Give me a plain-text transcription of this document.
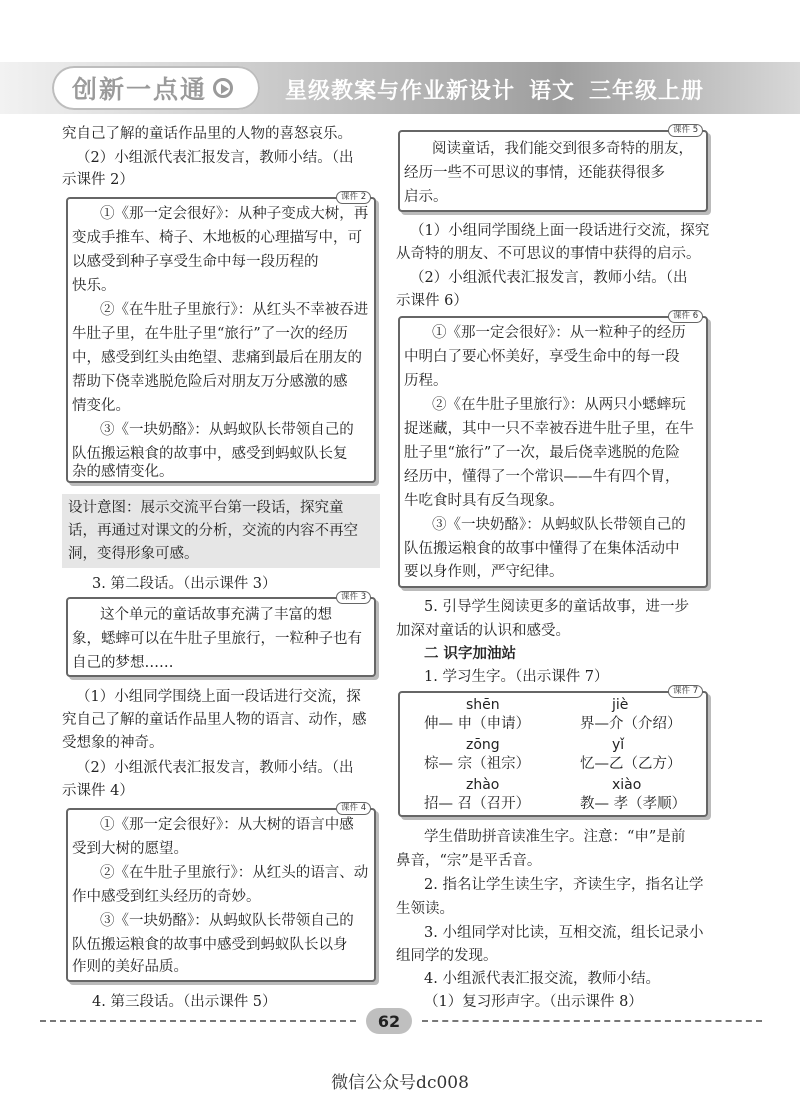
创新一点通	星级教案与作业新设计 语文 三年级上册
究自己了解的童话作品里的人物的喜怒哀乐。
（2）小组派代表汇报发言，教师小结。（出
示课件 2）
课件 2
①《那一定会很好》：从种子变成大树，再
变成手推车、椅子、木地板的心理描写中，可
以感受到种子享受生命中每一段历程的
快乐。
②《在牛肚子里旅行》：从红头不幸被吞进
牛肚子里，在牛肚子里“旅行”了一次的经历
中，感受到红头由绝望、悲痛到最后在朋友的
帮助下侥幸逃脱危险后对朋友万分感激的感
情变化。
③《一块奶酪》：从蚂蚁队长带领自己的
队伍搬运粮食的故事中，感受到蚂蚁队长复
杂的感情变化。
设计意图：展示交流平台第一段话，探究童
话，再通过对课文的分析，交流的内容不再空
洞，变得形象可感。
3. 第二段话。（出示课件 3）
课件 3
这个单元的童话故事充满了丰富的想
象，蟋蟀可以在牛肚子里旅行，一粒种子也有
自己的梦想……
（1）小组同学围绕上面一段话进行交流，探
究自己了解的童话作品里人物的语言、动作，感
受想象的神奇。
（2）小组派代表汇报发言，教师小结。（出
示课件 4）
课件 4
①《那一定会很好》：从大树的语言中感
受到大树的愿望。
②《在牛肚子里旅行》：从红头的语言、动
作中感受到红头经历的奇妙。
③《一块奶酪》：从蚂蚁队长带领自己的
队伍搬运粮食的故事中感受到蚂蚁队长以身
作则的美好品质。
4. 第三段话。（出示课件 5）
课件 5
阅读童话，我们能交到很多奇特的朋友，
经历一些不可思议的事情，还能获得很多
启示。
（1）小组同学围绕上面一段话进行交流，探究
从奇特的朋友、不可思议的事情中获得的启示。
（2）小组派代表汇报发言，教师小结。（出
示课件 6）
课件 6
①《那一定会很好》：从一粒种子的经历
中明白了要心怀美好，享受生命中的每一段
历程。
②《在牛肚子里旅行》：从两只小蟋蟀玩
捉迷藏，其中一只不幸被吞进牛肚子里，在牛
肚子里“旅行”了一次，最后侥幸逃脱的危险
经历中，懂得了一个常识——牛有四个胃，
牛吃食时具有反刍现象。
③《一块奶酪》：从蚂蚁队长带领自己的
队伍搬运粮食的故事中懂得了在集体活动中
要以身作则，严守纪律。
5. 引导学生阅读更多的童话故事，进一步
加深对童话的认识和感受。
二 识字加油站
1. 学习生字。（出示课件 7）
课件 7
shēn
伸— 申（申请）
jiè
界—介（介绍）
zōng
棕— 宗（祖宗）
yǐ
忆—乙（乙方）
zhào
招— 召（召开）
xiào
教— 孝（孝顺）
学生借助拼音读准生字。注意：“申”是前
鼻音，“宗”是平舌音。
2. 指名让学生读生字，齐读生字，指名让学
生领读。
3. 小组同学对比读，互相交流，组长记录小
组同学的发现。
4. 小组派代表汇报交流，教师小结。
（1）复习形声字。（出示课件 8）
62
微信公众号dc008
